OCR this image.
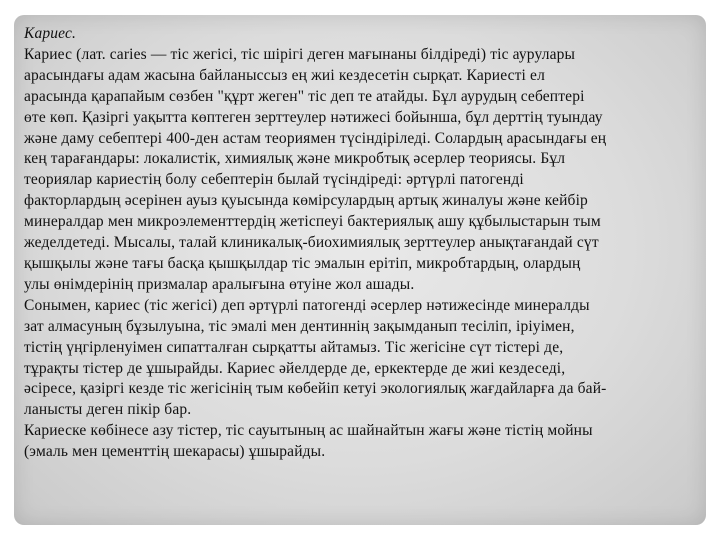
Кариес.
Кариес (лат. caries — тіс жегісі, тіс шірігі деген мағынаны білдіреді) тіс аурулары
арасындағы адам жасына байланыссыз ең жиі кездесетін сырқат. Кариесті ел
арасында қарапайым сөзбен "құрт жеген" тіс деп те атайды. Бұл аурудың себептері
өте көп. Қазіргі уақытта көптеген зерттеулер нәтижесі бойынша, бұл дерттің туындау
және даму себептері 400-ден астам теориямен түсіндіріледі. Солардың арасындағы ең
кең тарағандары: локалистік, химиялық және микробтық әсерлер теориясы. Бұл
теориялар кариестің болу себептерін былай түсіндіреді: әртүрлі патогенді
факторлардың әсерінен ауыз қуысында көмірсулардың артық жиналуы және кейбір
минералдар мен микроэлементтердің жетіспеуі бактериялық ашу құбылыстарын тым
жеделдетеді. Мысалы, талай клиникалық-биохимиялық зерттеулер анықтағандай сүт
қышқылы және тағы басқа қышқылдар тіс эмалын ерітіп, микробтардың, олардың
улы өнімдерінің призмалар аралығына өтуіне жол ашады.
Сонымен, кариес (тіс жегісі) деп әртүрлі патогенді әсерлер нәтижесінде минералды
зат алмасуның бұзылуына, тіс эмалі мен дентиннің зақымданып тесіліп, іріуімен,
тістің үңгірленуімен сипатталған сырқатты айтамыз. Тіс жегісіне сүт тістері де,
тұрақты тістер де ұшырайды. Кариес әйелдерде де, еркектерде де жиі кездеседі,
әсіресе, қазіргі кезде тіс жегісінің тым көбейіп кетуі экологиялық жағдайларға да бай-
ланысты деген пікір бар.
Кариеске көбінесе азу тістер, тіс сауытының ас шайнайтын жағы және тістің мойны
(эмаль мен цементтің шекарасы) ұшырайды.
